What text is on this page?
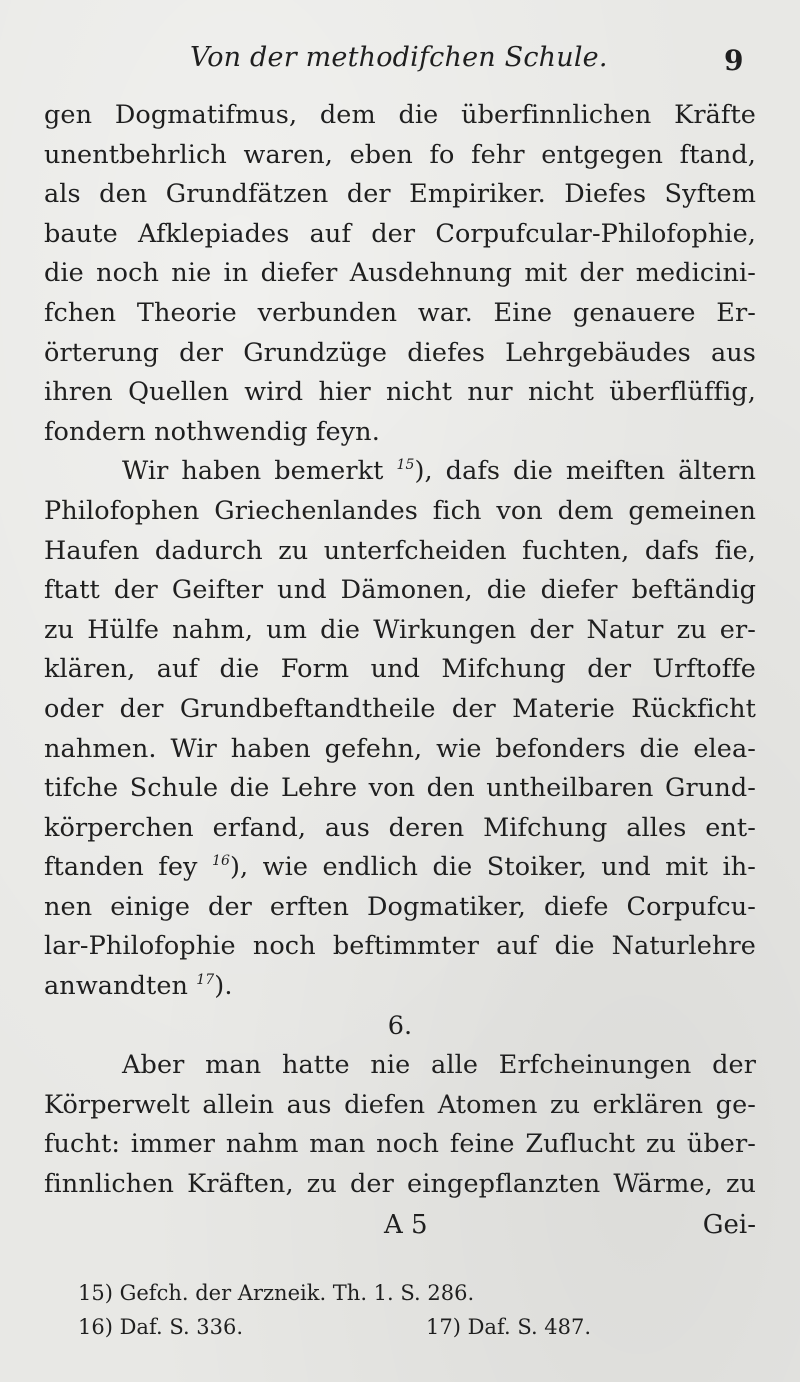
Von der methodifchen Schule.	9
gen Dogmatifmus, dem die überfinnlichen Kräfte
unentbehrlich waren, eben fo fehr entgegen ftand,
als den Grundfätzen der Empiriker. Diefes Syftem
baute Afklepiades auf der Corpufcular-Philofophie,
die noch nie in diefer Ausdehnung mit der medicini-
fchen Theorie verbunden war. Eine genauere Er-
örterung der Grundzüge diefes Lehrgebäudes aus
ihren Quellen wird hier nicht nur nicht überflüffig,
fondern nothwendig feyn.
Wir haben bemerkt $^{15}$), dafs die meiften ältern
Philofophen Griechenlandes fich von dem gemeinen
Haufen dadurch zu unterfcheiden fuchten, dafs fie,
ftatt der Geifter und Dämonen, die diefer beftändig
zu Hülfe nahm, um die Wirkungen der Natur zu er-
klären, auf die Form und Mifchung der Urftoffe
oder der Grundbeftandtheile der Materie Rückficht
nahmen. Wir haben gefehn, wie befonders die elea-
tifche Schule die Lehre von den untheilbaren Grund-
körperchen erfand, aus deren Mifchung alles ent-
ftanden fey $^{16}$), wie endlich die Stoiker, und mit ih-
nen einige der erften Dogmatiker, diefe Corpufcu-
lar-Philofophie noch beftimmter auf die Naturlehre
anwandten $^{17}$).
6.
Aber man hatte nie alle Erfcheinungen der
Körperwelt allein aus diefen Atomen zu erklären ge-
fucht: immer nahm man noch feine Zuflucht zu über-
finnlichen Kräften, zu der eingepflanzten Wärme, zu
A 5	Gei-
15) Gefch. der Arzneik. Th. 1. S. 286.
16) Daf. S. 336.	17) Daf. S. 487.
